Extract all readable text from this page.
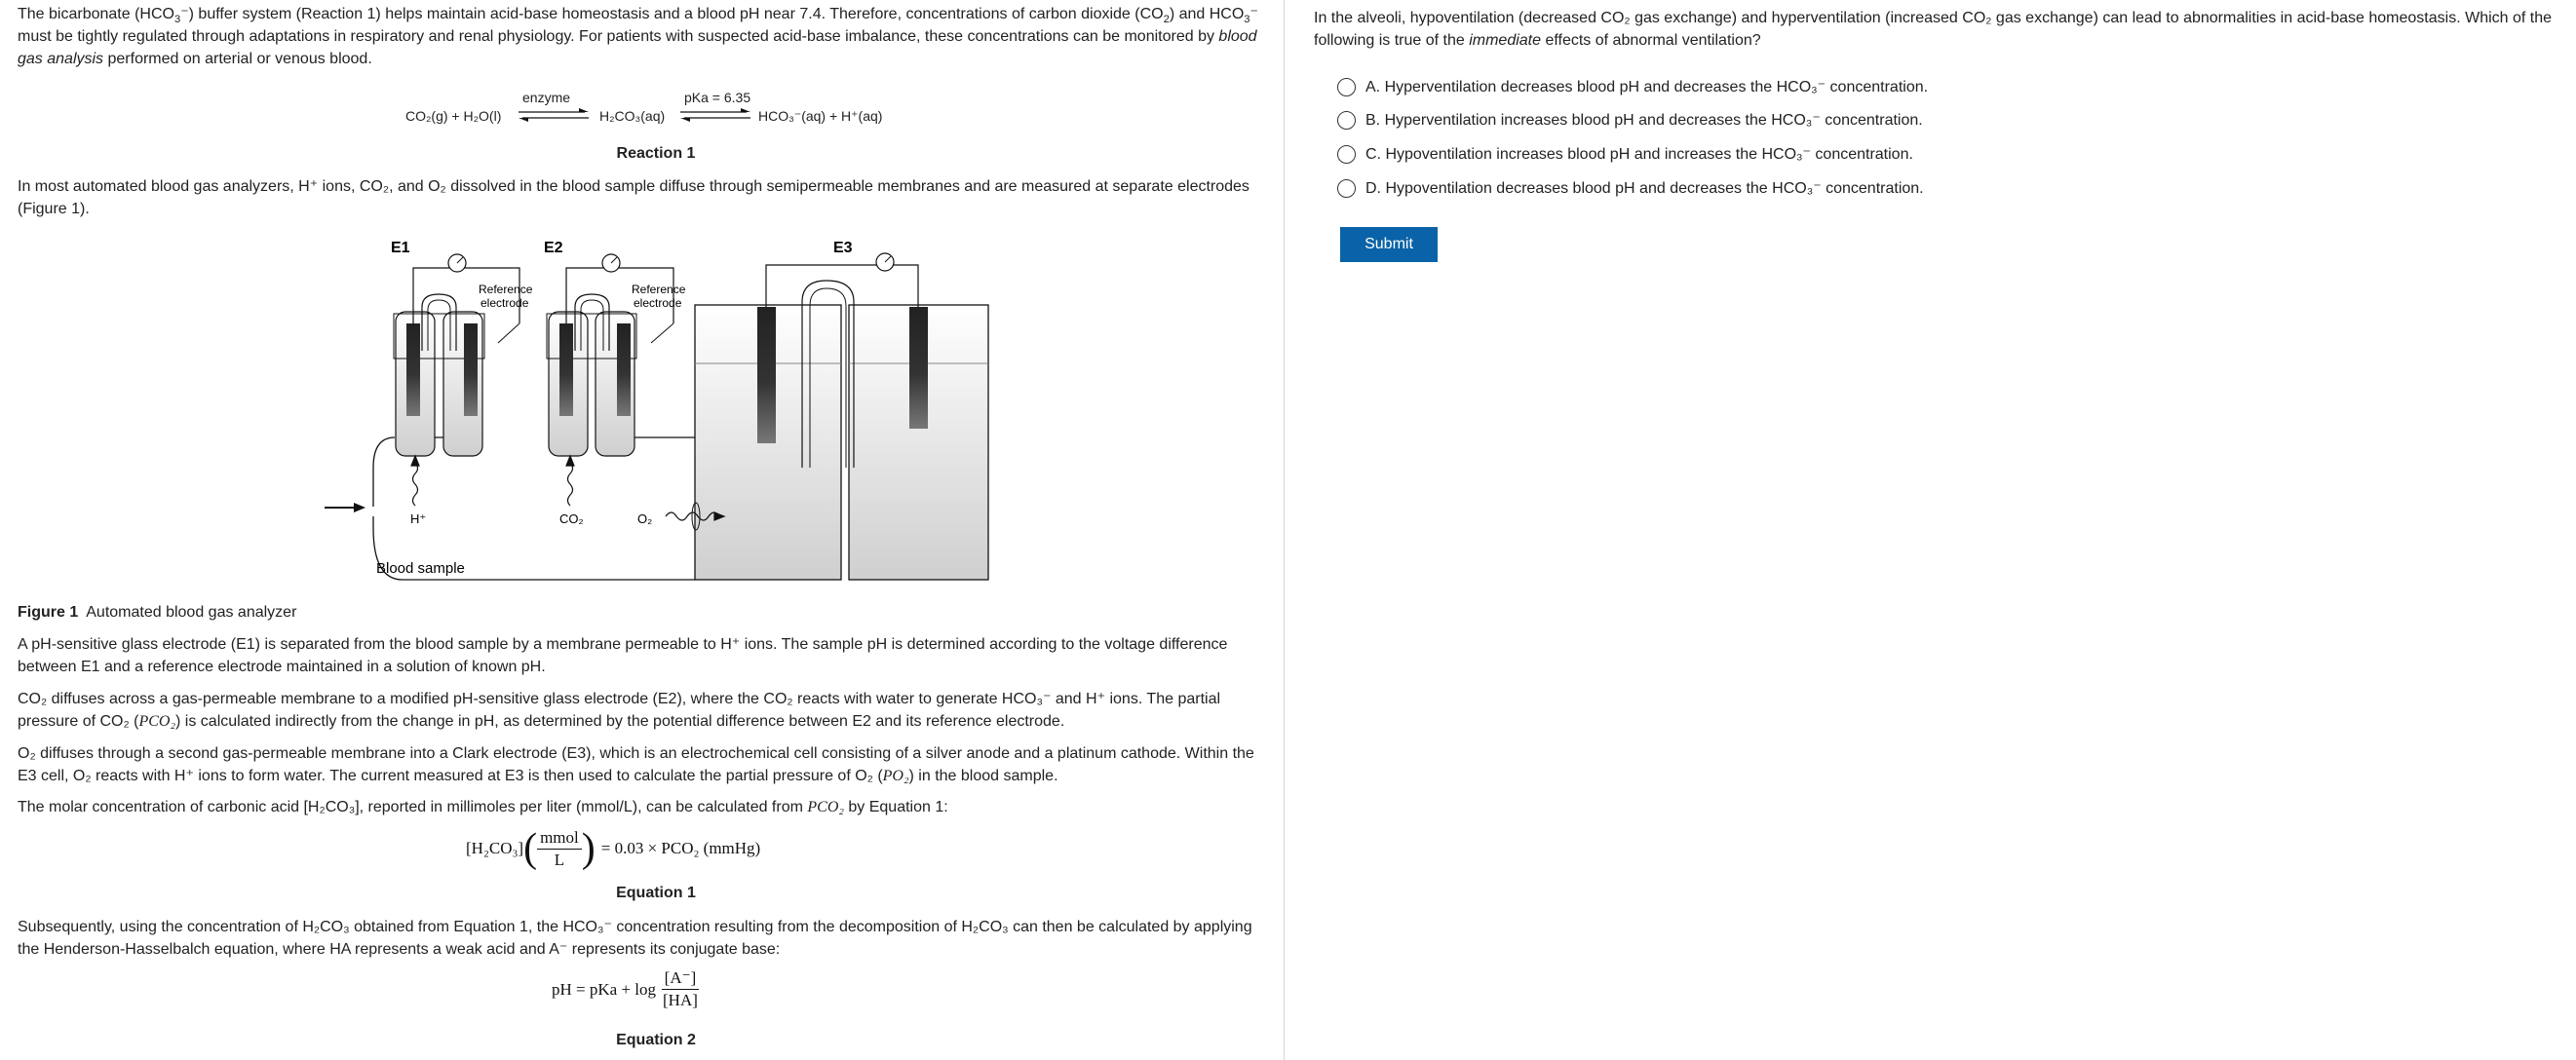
The bicarbonate $(HCO_3^-)$ buffer system (Reaction 1) helps maintain acid-base homeostasis and a blood pH near 7.4. Therefore, concentrations of carbon dioxide $(CO_2)$ and $HCO_3^-$ must be tightly regulated through adaptations in respiratory and renal physiology. For patients with suspected acid-base imbalance, these concentrations can be monitored by blood gas analysis performed on arterial or venous blood.

CO₂(g) + H₂O(l)
enzyme
H₂CO₃(aq)
pKa = 6.35
HCO₃⁻(aq) + H⁺(aq)
Reaction 1

In most automated blood gas analyzers, H⁺ ions, CO₂, and O₂ dissolved in the blood sample diffuse through semipermeable membranes and are measured at separate electrodes (Figure 1).

E1	E2	E3
Reference
electrode
Reference
electrode
H⁺	CO₂	O₂
Blood sample

Figure 1 Automated blood gas analyzer

A pH-sensitive glass electrode (E1) is separated from the blood sample by a membrane permeable to H⁺ ions. The sample pH is determined according to the voltage difference between E1 and a reference electrode maintained in a solution of known pH.

CO₂ diffuses across a gas-permeable membrane to a modified pH-sensitive glass electrode (E2), where the CO₂ reacts with water to generate HCO₃⁻ and H⁺ ions. The partial pressure of CO₂ (PCO₂) is calculated indirectly from the change in pH, as determined by the potential difference between E2 and its reference electrode.

O₂ diffuses through a second gas-permeable membrane into a Clark electrode (E3), which is an electrochemical cell consisting of a silver anode and a platinum cathode. Within the E3 cell, O₂ reacts with H⁺ ions to form water. The current measured at E3 is then used to calculate the partial pressure of O₂ (PO₂) in the blood sample.

The molar concentration of carbonic acid [H₂CO₃], reported in millimoles per liter (mmol/L), can be calculated from PCO₂ by Equation 1:

[H₂CO₃] ( $\frac{\text{mmol}}{L}$ ) = 0.03 × PCO₂ (mmHg)
Equation 1

Subsequently, using the concentration of H₂CO₃ obtained from Equation 1, the HCO₃⁻ concentration resulting from the decomposition of H₂CO₃ can then be calculated by applying the Henderson-Hasselbalch equation, where HA represents a weak acid and A⁻ represents its conjugate base:

pH = pKa + $\log \frac{[A^-]}{[HA]}$
Equation 2

In the alveoli, hypoventilation (decreased CO₂ gas exchange) and hyperventilation (increased CO₂ gas exchange) can lead to abnormalities in acid-base homeostasis. Which of the following is true of the immediate effects of abnormal ventilation?

A. Hyperventilation decreases blood pH and decreases the HCO₃⁻ concentration.
B. Hyperventilation increases blood pH and decreases the HCO₃⁻ concentration.
C. Hypoventilation increases blood pH and increases the HCO₃⁻ concentration.
D. Hypoventilation decreases blood pH and decreases the HCO₃⁻ concentration.
Submit
